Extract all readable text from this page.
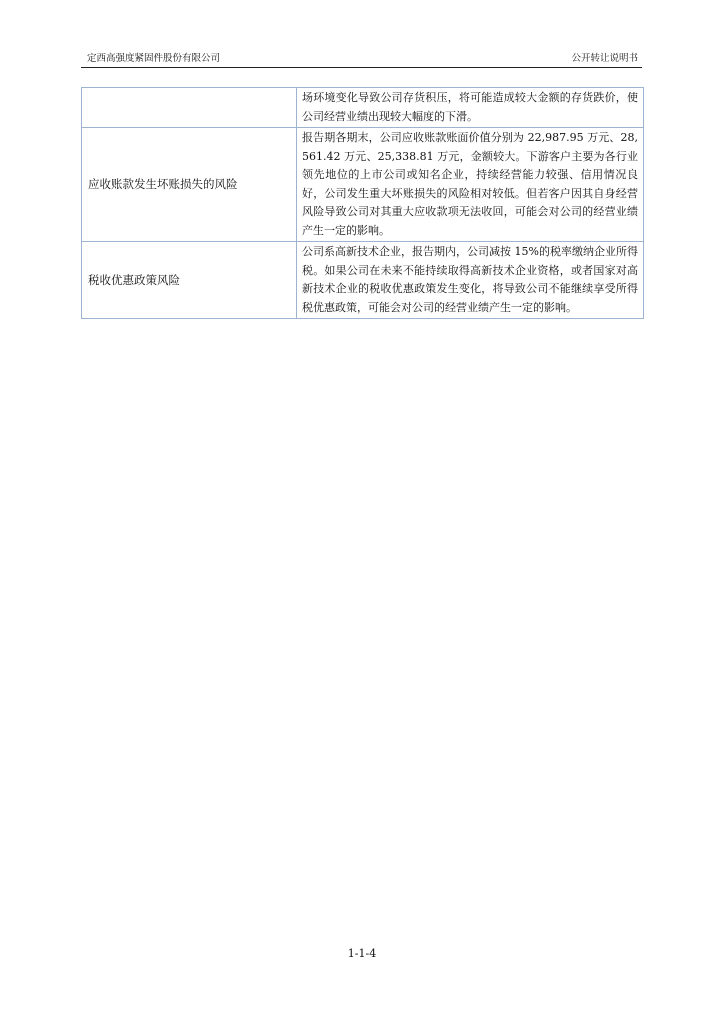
定西高强度紧固件股份有限公司	公开转让说明书
	场环境变化导致公司存货积压，将可能造成较大金额的存货跌价，使公司经营业绩出现较大幅度的下滑。
应收账款发生坏账损失的风险	报告期各期末，公司应收账款账面价值分别为 22,987.95 万元、28,561.42 万元、25,338.81 万元，金额较大。下游客户主要为各行业领先地位的上市公司或知名企业，持续经营能力较强、信用情况良好，公司发生重大坏账损失的风险相对较低。但若客户因其自身经营风险导致公司对其重大应收款项无法收回，可能会对公司的经营业绩产生一定的影响。
税收优惠政策风险	公司系高新技术企业，报告期内，公司减按 15%的税率缴纳企业所得税。如果公司在未来不能持续取得高新技术企业资格，或者国家对高新技术企业的税收优惠政策发生变化，将导致公司不能继续享受所得税优惠政策，可能会对公司的经营业绩产生一定的影响。
1-1-4
